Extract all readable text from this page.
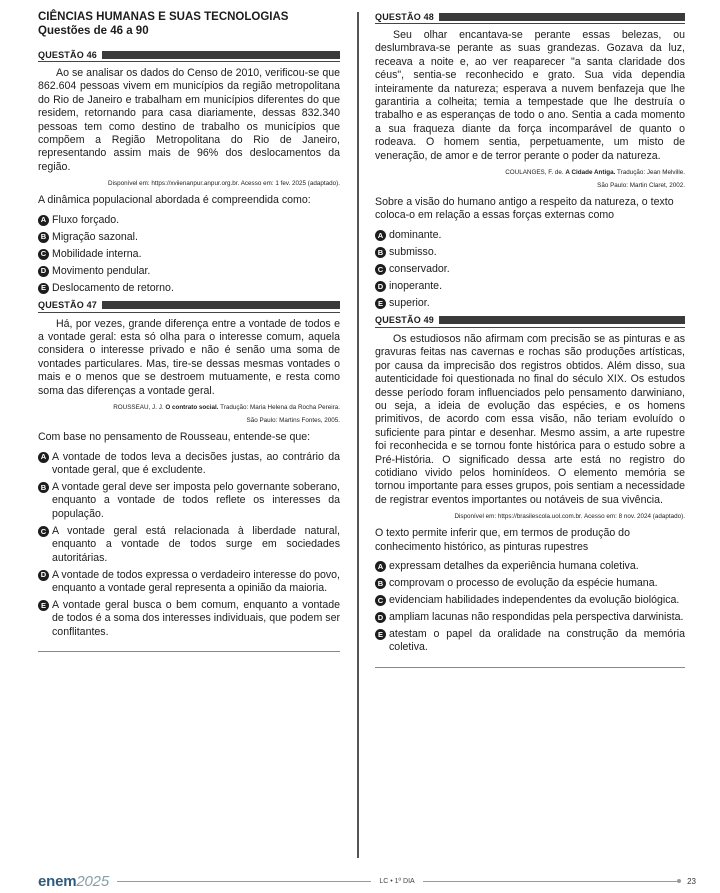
CIÊNCIAS HUMANAS E SUAS TECNOLOGIAS
Questões de 46 a 90
QUESTÃO 46

Ao se analisar os dados do Censo de 2010, verificou-se que 862.604 pessoas vivem em municípios da região metropolitana do Rio de Janeiro e trabalham em municípios diferentes do que residem, retornando para casa diariamente, dessas 832.340 pessoas tem como destino de trabalho os municípios que compõem a Região Metropolitana do Rio de Janeiro, representando assim mais de 96% dos deslocamentos da região.

Disponível em: https://xviienanpur.anpur.org.br. Acesso em: 1 fev. 2025 (adaptado).

A dinâmica populacional abordada é compreendida como:

A Fluxo forçado.
B Migração sazonal.
C Mobilidade interna.
D Movimento pendular.
E Deslocamento de retorno.
QUESTÃO 47

Há, por vezes, grande diferença entre a vontade de todos e a vontade geral: esta só olha para o interesse comum, aquela considera o interesse privado e não é senão uma soma de vontades particulares. Mas, tire-se dessas mesmas vontades o mais e o menos que se destroem mutuamente, e resta como soma das diferenças a vontade geral.

ROUSSEAU, J. J. O contrato social. Tradução: Maria Helena da Rocha Pereira.
São Paulo: Martins Fontes, 2005.

Com base no pensamento de Rousseau, entende-se que:

A A vontade de todos leva a decisões justas, ao contrário da vontade geral, que é excludente.
B A vontade geral deve ser imposta pelo governante soberano, enquanto a vontade de todos reflete os interesses da população.
C A vontade geral está relacionada à liberdade natural, enquanto a vontade de todos surge em sociedades autoritárias.
D A vontade de todos expressa o verdadeiro interesse do povo, enquanto a vontade geral representa a opinião da maioria.
E A vontade geral busca o bem comum, enquanto a vontade de todos é a soma dos interesses individuais, que podem ser conflitantes.
QUESTÃO 48

Seu olhar encantava-se perante essas belezas, ou deslumbrava-se perante as suas grandezas. Gozava da luz, receava a noite e, ao ver reaparecer "a santa claridade dos céus", sentia-se reconhecido e grato. Sua vida dependia inteiramente da natureza; esperava a nuvem benfazeja que lhe garantiria a colheita; temia a tempestade que lhe destruía o trabalho e as esperanças de todo o ano. Sentia a cada momento a sua fraqueza diante da força incomparável de quanto o rodeava. O homem sentia, perpetuamente, um misto de veneração, de amor e de terror perante o poder da natureza.

COULANGES, F. de. A Cidade Antiga. Tradução: Jean Melville.
São Paulo: Martin Claret, 2002.

Sobre a visão do humano antigo a respeito da natureza, o texto coloca-o em relação a essas forças externas como

A dominante.
B submisso.
C conservador.
D inoperante.
E superior.
QUESTÃO 49

Os estudiosos não afirmam com precisão se as pinturas e as gravuras feitas nas cavernas e rochas são produções artísticas, por causa da imprecisão dos registros obtidos. Além disso, sua autenticidade foi questionada no final do século XIX. Os estudos desse período foram influenciados pelo pensamento darwiniano, ou seja, a ideia de evolução das espécies, e os homens primitivos, de acordo com essa visão, não teriam evoluído o suficiente para pintar e desenhar. Mesmo assim, a arte rupestre foi reconhecida e se tornou fonte histórica para o estudo sobre a Pré-História. O significado dessa arte está no registro do cotidiano vivido pelos hominídeos. O elemento memória se tornou importante para esses grupos, pois sentiam a necessidade de registrar eventos importantes ou notáveis de sua vivência.

Disponível em: https://brasilescola.uol.com.br. Acesso em: 8 nov. 2024 (adaptado).

O texto permite inferir que, em termos de produção do conhecimento histórico, as pinturas rupestres

A expressam detalhes da experiência humana coletiva.
B comprovam o processo de evolução da espécie humana.
C evidenciam habilidades independentes da evolução biológica.
D ampliam lacunas não respondidas pela perspectiva darwinista.
E atestam o papel da oralidade na construção da memória coletiva.
enem2025	LC • 1º DIA	23
